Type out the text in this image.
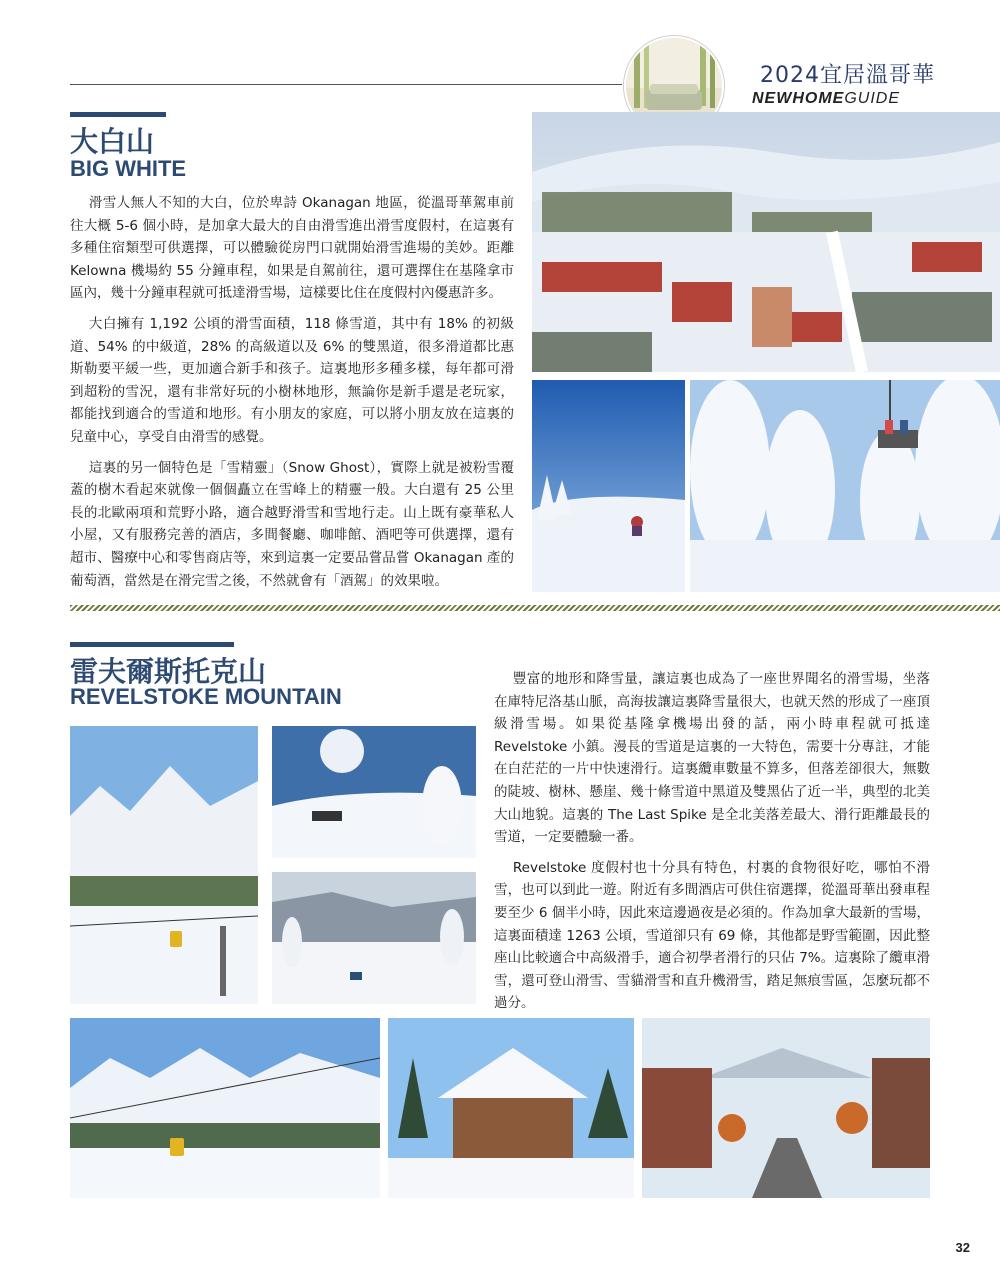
2024宜居溫哥華
NEWHOMEGUIDE
大白山
BIG WHITE

滑雪人無人不知的大白，位於卑詩 Okanagan 地區，從溫哥華駕車前往大概 5-6 個小時，是加拿大最大的自由滑雪進出滑雪度假村，在這裏有多種住宿類型可供選擇，可以體驗從房門口就開始滑雪進場的美妙。距離 Kelowna 機場約 55 分鐘車程，如果是自駕前往，還可選擇住在基隆拿市區內，幾十分鐘車程就可抵達滑雪場，這樣要比住在度假村內優惠許多。

大白擁有 1,192 公頃的滑雪面積，118 條雪道，其中有 18% 的初級道、54% 的中級道，28% 的高級道以及 6% 的雙黑道，很多滑道都比惠斯勒要平緩一些，更加適合新手和孩子。這裏地形多種多樣，每年都可滑到超粉的雪況，還有非常好玩的小樹林地形，無論你是新手還是老玩家，都能找到適合的雪道和地形。有小朋友的家庭，可以將小朋友放在這裏的兒童中心，享受自由滑雪的感覺。

這裏的另一個特色是「雪精靈」（Snow Ghost），實際上就是被粉雪覆蓋的樹木看起來就像一個個矗立在雪峰上的精靈一般。大白還有 25 公里長的北歐兩項和荒野小路，適合越野滑雪和雪地行走。山上既有豪華私人小屋，又有服務完善的酒店，多間餐廳、咖啡館、酒吧等可供選擇，還有超市、醫療中心和零售商店等，來到這裏一定要品嘗品嘗 Okanagan 產的葡萄酒，當然是在滑完雪之後，不然就會有「酒駕」的效果啦。

雷夫爾斯托克山
REVELSTOKE MOUNTAIN

豐富的地形和降雪量，讓這裏也成為了一座世界聞名的滑雪場，坐落在庫特尼洛基山脈，高海拔讓這裏降雪量很大，也就天然的形成了一座頂級滑雪場。如果從基隆拿機場出發的話，兩小時車程就可抵達 Revelstoke 小鎮。漫長的雪道是這裏的一大特色，需要十分專註，才能在白茫茫的一片中快速滑行。這裏纜車數量不算多，但落差卻很大，無數的陡坡、樹林、懸崖、幾十條雪道中黑道及雙黑佔了近一半，典型的北美大山地貌。這裏的 The Last Spike 是全北美落差最大、滑行距離最長的雪道，一定要體驗一番。

Revelstoke 度假村也十分具有特色，村裏的食物很好吃，哪怕不滑雪，也可以到此一遊。附近有多間酒店可供住宿選擇，從溫哥華出發車程要至少 6 個半小時，因此來這邊過夜是必須的。作為加拿大最新的雪場，這裏面積達 1263 公頃，雪道卻只有 69 條，其他都是野雪範圍，因此整座山比較適合中高級滑手，適合初學者滑行的只佔 7%。這裏除了纜車滑雪，還可登山滑雪、雪貓滑雪和直升機滑雪，踏足無痕雪區，怎麼玩都不過分。

32
